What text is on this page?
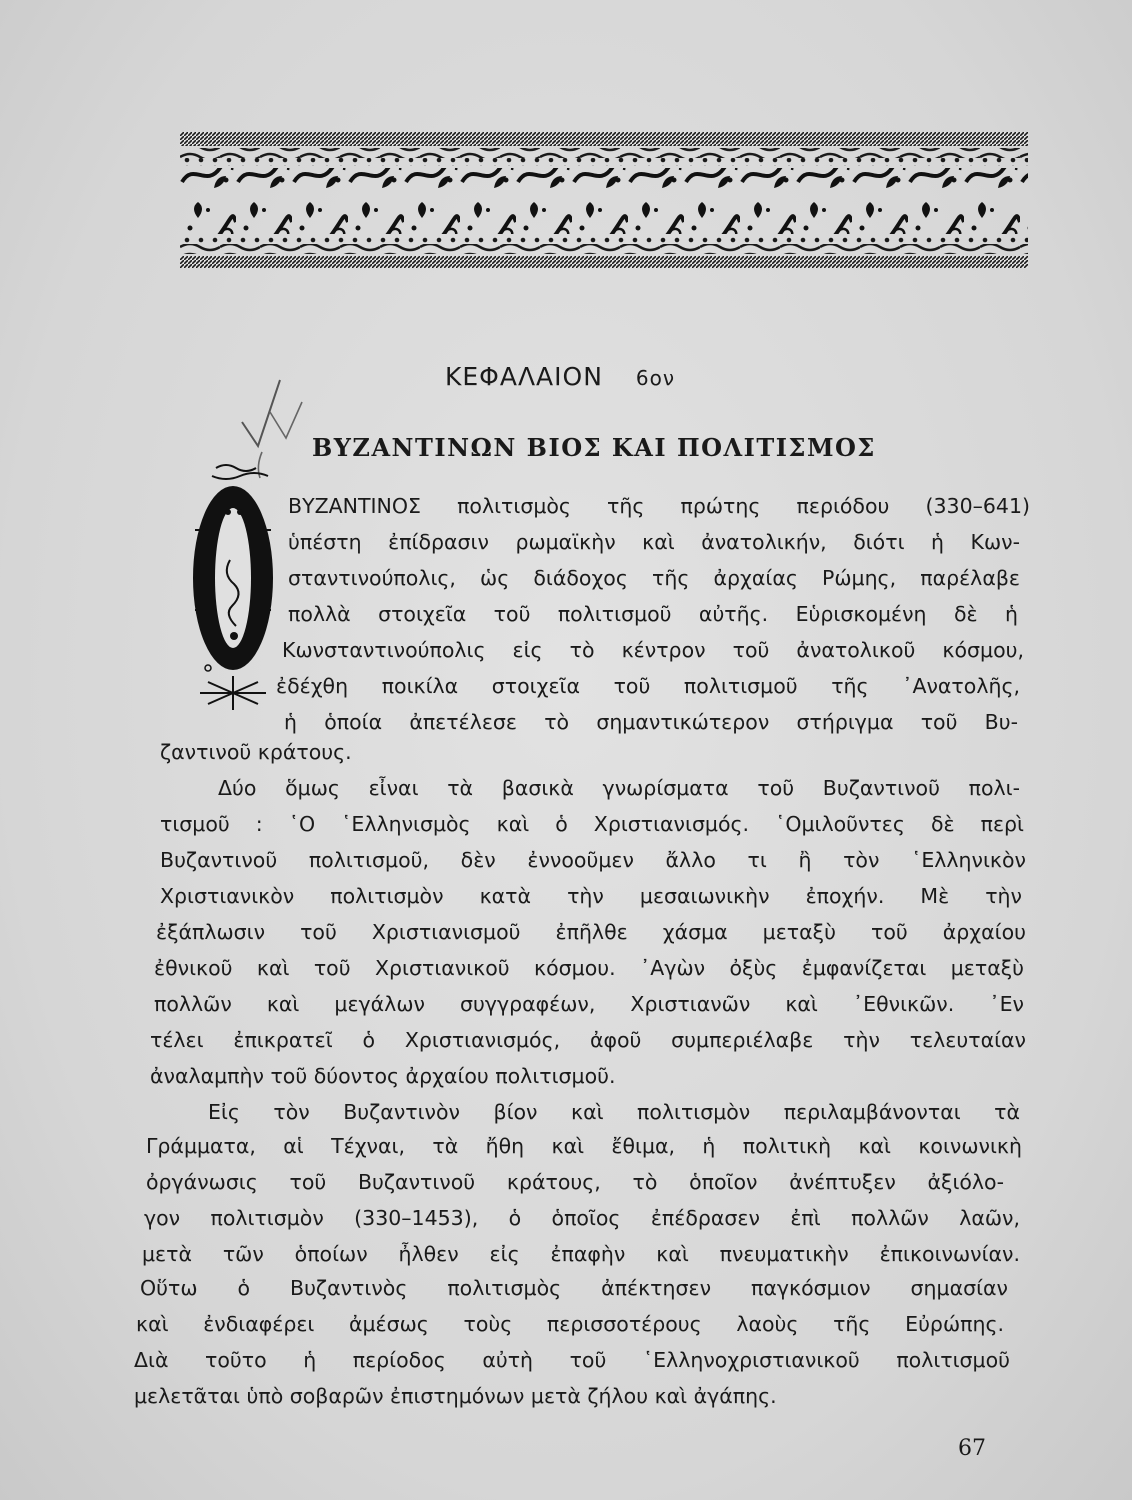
ΚΕΦΑΛΑΙΟΝ 6ον
ΒΥΖΑΝΤΙΝΩΝ ΒΙΟΣ ΚΑΙ ΠΟΛΙΤΙΣΜΟΣ
ΒΥΖΑΝΤΙΝΟΣ πολιτισμὸς τῆς πρώτης περιόδου (330–641)
ὑπέστη ἐπίδρασιν ρωμαϊκὴν καὶ ἀνατολικήν, διότι ἡ Κων-
σταντινούπολις, ὡς διάδοχος τῆς ἀρχαίας Ρώμης, παρέλαβε
πολλὰ στοιχεῖα τοῦ πολιτισμοῦ αὐτῆς. Εὑρισκομένη δὲ ἡ
Κωνσταντινούπολις εἰς τὸ κέντρον τοῦ ἀνατολικοῦ κόσμου,
ἐδέχθη ποικίλα στοιχεῖα τοῦ πολιτισμοῦ τῆς ᾿Ανατολῆς,
ἡ ὁποία ἀπετέλεσε τὸ σημαντικώτερον στήριγμα τοῦ Βυ-
ζαντινοῦ κράτους.
Δύο ὅμως εἶναι τὰ βασικὰ γνωρίσματα τοῦ Βυζαντινοῦ πολι-
τισμοῦ : ῾Ο ῾Ελληνισμὸς καὶ ὁ Χριστιανισμός. ῾Ομιλοῦντες δὲ περὶ
Βυζαντινοῦ πολιτισμοῦ, δὲν ἐννοοῦμεν ἄλλο τι ἢ τὸν ῾Ελληνικὸν
Χριστιανικὸν πολιτισμὸν κατὰ τὴν μεσαιωνικὴν ἐποχήν. Μὲ τὴν
ἐξάπλωσιν τοῦ Χριστιανισμοῦ ἐπῆλθε χάσμα μεταξὺ τοῦ ἀρχαίου
ἐθνικοῦ καὶ τοῦ Χριστιανικοῦ κόσμου. ᾿Αγὼν ὀξὺς ἐμφανίζεται μεταξὺ
πολλῶν καὶ μεγάλων συγγραφέων, Χριστιανῶν καὶ ᾿Εθνικῶν. ᾿Εν
τέλει ἐπικρατεῖ ὁ Χριστιανισμός, ἀφοῦ συμπεριέλαβε τὴν τελευταίαν
ἀναλαμπὴν τοῦ δύοντος ἀρχαίου πολιτισμοῦ.
Εἰς τὸν Βυζαντινὸν βίον καὶ πολιτισμὸν περιλαμβάνονται τὰ
Γράμματα, αἱ Τέχναι, τὰ ἤθη καὶ ἔθιμα, ἡ πολιτικὴ καὶ κοινωνικὴ
ὀργάνωσις τοῦ Βυζαντινοῦ κράτους, τὸ ὁποῖον ἀνέπτυξεν ἀξιόλο-
γον πολιτισμὸν (330–1453), ὁ ὁποῖος ἐπέδρασεν ἐπὶ πολλῶν λαῶν,
μετὰ τῶν ὁποίων ἦλθεν εἰς ἐπαφὴν καὶ πνευματικὴν ἐπικοινωνίαν.
Οὕτω ὁ Βυζαντινὸς πολιτισμὸς ἀπέκτησεν παγκόσμιον σημασίαν
καὶ ἐνδιαφέρει ἀμέσως τοὺς περισσοτέρους λαοὺς τῆς Εὐρώπης.
Διὰ τοῦτο ἡ περίοδος αὐτὴ τοῦ ῾Ελληνοχριστιανικοῦ πολιτισμοῦ
μελετᾶται ὑπὸ σοβαρῶν ἐπιστημόνων μετὰ ζήλου καὶ ἀγάπης.
67
